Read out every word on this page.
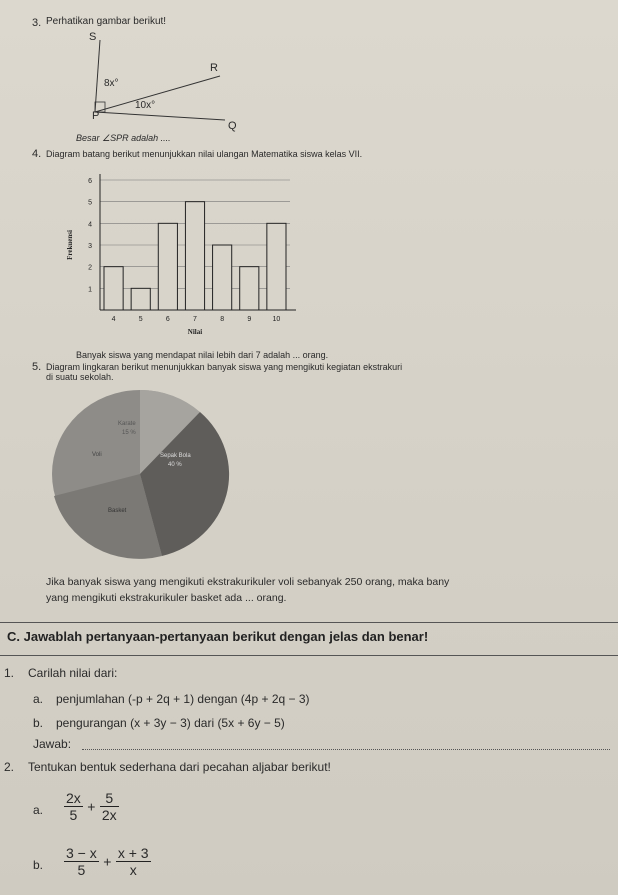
3. Perhatikan gambar berikut!
S
R
P
Q
8x°
10x°
Besar ∠SPR adalah ....
4. Diagram batang berikut menunjukkan nilai ulangan Matematika siswa kelas VII.
4	5	6	7	8	9	10
1
2
3
4
5
6
Nilai
Frekuensi
Banyak siswa yang mendapat nilai lebih dari 7 adalah ... orang.
5. Diagram lingkaran berikut menunjukkan banyak siswa yang mengikuti kegiatan ekstrakuri
di suatu sekolah.
Karate
15 %
Voli	Sepak Bola
40 %
Basket
Jika banyak siswa yang mengikuti ekstrakurikuler voli sebanyak 250 orang, maka bany
yang mengikuti ekstrakurikuler basket ada ... orang.
C. Jawablah pertanyaan-pertanyaan berikut dengan jelas dan benar!
1. Carilah nilai dari:
a. penjumlahan (-p + 2q + 1) dengan (4p + 2q − 3)
b. pengurangan (x + 3y − 3) dari (5x + 6y − 5)
Jawab:
2. Tentukan bentuk sederhana dari pecahan aljabar berikut!
a. $\frac{2x}{5} + \frac{5}{2x}$
b. $\frac{3 - x}{5} + \frac{x + 3}{x}$
